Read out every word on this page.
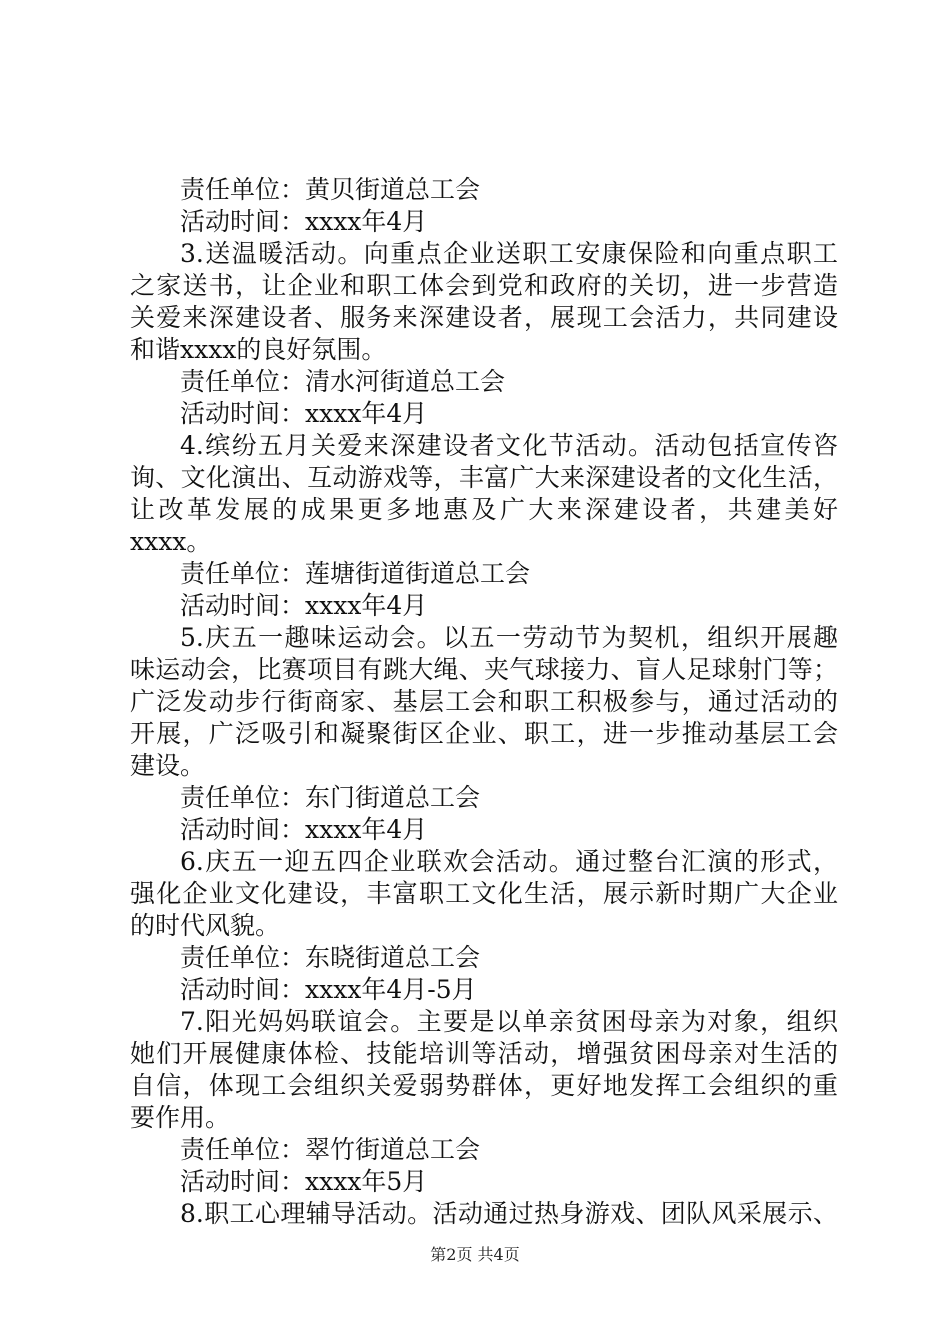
责任单位：黄贝街道总工会
活动时间：xxxx年4月
3.送温暖活动。向重点企业送职工安康保险和向重点职工
之家送书，让企业和职工体会到党和政府的关切，进一步营造
关爱来深建设者、服务来深建设者，展现工会活力，共同建设
和谐xxxx的良好氛围。
责任单位：清水河街道总工会
活动时间：xxxx年4月
4.缤纷五月关爱来深建设者文化节活动。活动包括宣传咨
询、文化演出、互动游戏等，丰富广大来深建设者的文化生活，
让改革发展的成果更多地惠及广大来深建设者，共建美好
xxxx。
责任单位：莲塘街道街道总工会
活动时间：xxxx年4月
5.庆五一趣味运动会。以五一劳动节为契机，组织开展趣
味运动会，比赛项目有跳大绳、夹气球接力、盲人足球射门等；
广泛发动步行街商家、基层工会和职工积极参与，通过活动的
开展，广泛吸引和凝聚街区企业、职工，进一步推动基层工会
建设。
责任单位：东门街道总工会
活动时间：xxxx年4月
6.庆五一迎五四企业联欢会活动。通过整台汇演的形式，
强化企业文化建设，丰富职工文化生活，展示新时期广大企业
的时代风貌。
责任单位：东晓街道总工会
活动时间：xxxx年4月-5月
7.阳光妈妈联谊会。主要是以单亲贫困母亲为对象，组织
她们开展健康体检、技能培训等活动，增强贫困母亲对生活的
自信，体现工会组织关爱弱势群体，更好地发挥工会组织的重
要作用。
责任单位：翠竹街道总工会
活动时间：xxxx年5月
8.职工心理辅导活动。活动通过热身游戏、团队风采展示、
第2页 共4页
